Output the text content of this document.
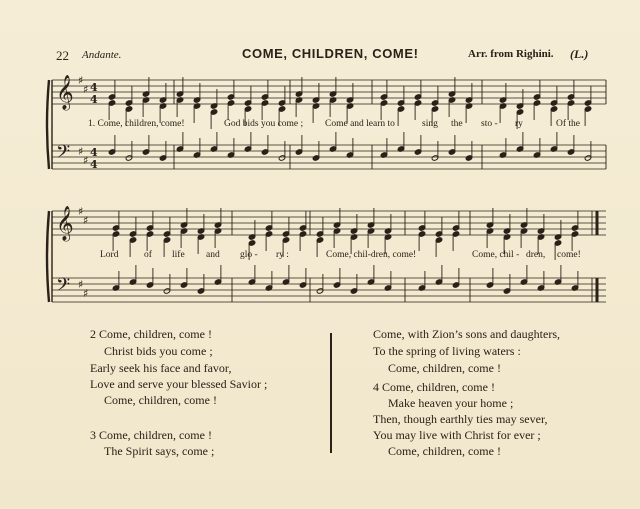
22 Andante.	COME, CHILDREN, COME!	Arr. from Righini. (L.)
𝄞
𝄢
♯
♯
♯
♯
4
4
4
4
𝄞
𝄢
♯
♯
♯
♯
1. Come, children, come!	God bids you come ; Come and learn to	sing the sto - ry	Of the
Lord	of life and glo - ry :	Come, chil-dren, come!	Come, chil - dren, come!
2 Come, children, come !
Christ bids you come ;
Early seek his face and favor,
Love and serve your blessed Savior ;
Come, children, come !
3 Come, children, come !
The Spirit says, come ;
Come, with Zion’s sons and daughters,
To the spring of living waters :
Come, children, come !
4 Come, children, come !
Make heaven your home ;
Then, though earthly ties may sever,
You may live with Christ for ever ;
Come, children, come !
